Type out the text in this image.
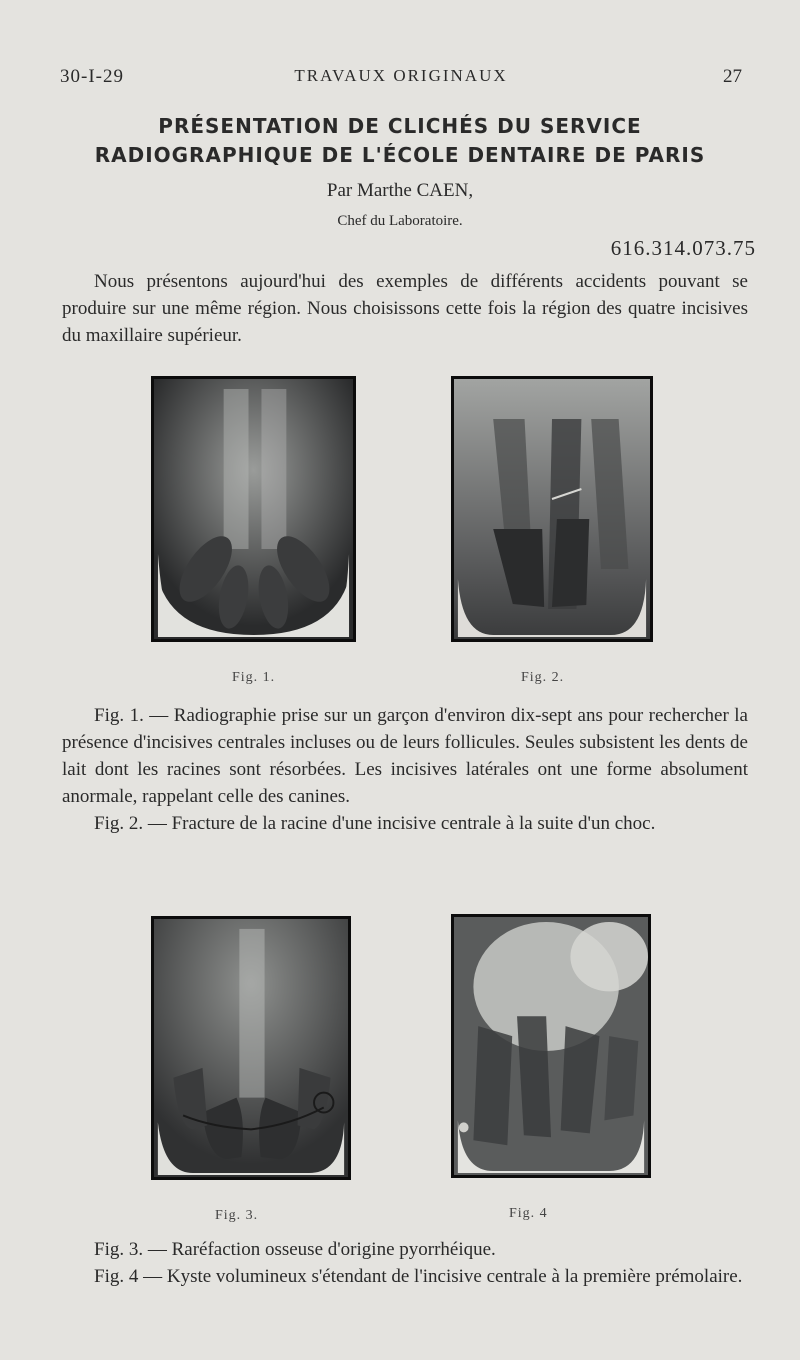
30-I-29	TRAVAUX ORIGINAUX	27
PRÉSENTATION DE CLICHÉS DU SERVICE
RADIOGRAPHIQUE DE L'ÉCOLE DENTAIRE DE PARIS
Par Marthe CAEN,
Chef du Laboratoire.
616.314.073.75

Nous présentons aujourd'hui des exemples de différents accidents pouvant se produire sur une même région. Nous choisissons cette fois la région des quatre incisives du maxillaire supérieur.

Fig. 1.	Fig. 2.

Fig. 1. — Radiographie prise sur un garçon d'environ dix-sept ans pour rechercher la présence d'incisives centrales incluses ou de leurs follicules. Seules subsistent les dents de lait dont les racines sont résorbées. Les incisives latérales ont une forme absolument anormale, rappelant celle des canines.

Fig. 2. — Fracture de la racine d'une incisive centrale à la suite d'un choc.

Fig. 3.	Fig. 4

Fig. 3. — Raréfaction osseuse d'origine pyorrhéique.

Fig. 4 — Kyste volumineux s'étendant de l'incisive centrale à la première prémolaire.
